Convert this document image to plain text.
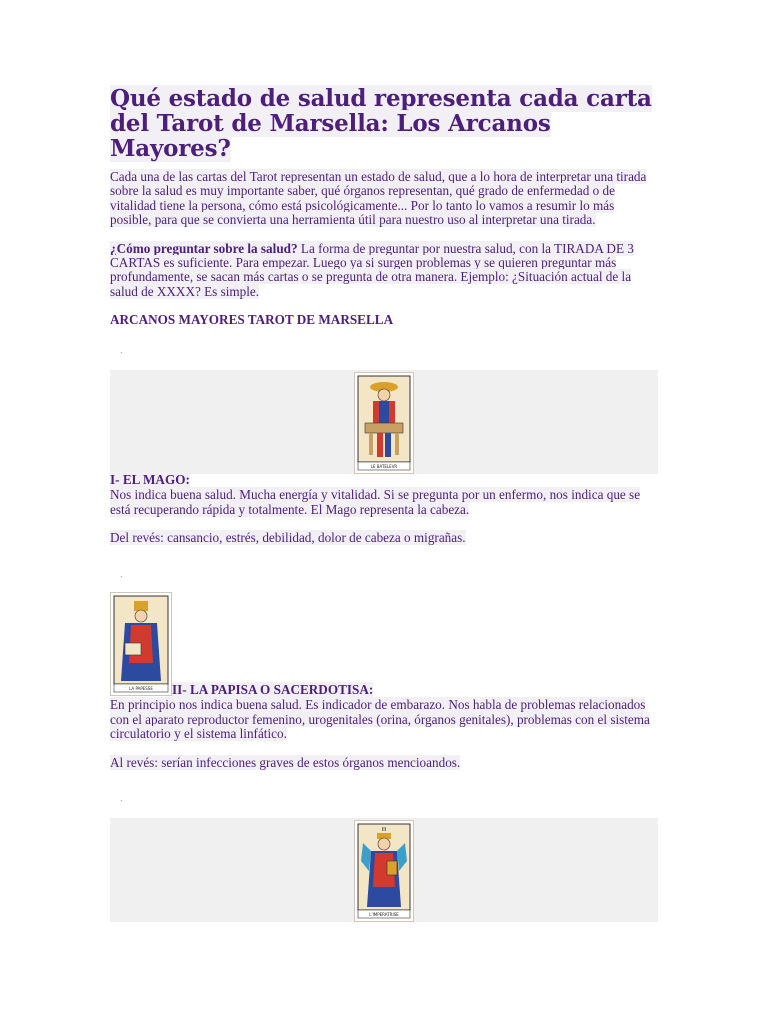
Qué estado de salud representa cada carta del Tarot de Marsella: Los Arcanos Mayores?

Cada una de las cartas del Tarot representan un estado de salud, que a lo hora de interpretar una tirada sobre la salud es muy importante saber, qué órganos representan, qué grado de enfermedad o de vitalidad tiene la persona, cómo está psicológicamente... Por lo tanto lo vamos a resumir lo más posible, para que se convierta una herramienta útil para nuestro uso al interpretar una tirada.

¿Cómo preguntar sobre la salud? La forma de preguntar por nuestra salud, con la TIRADA DE 3 CARTAS es suficiente. Para empezar. Luego ya si surgen problemas y se quieren preguntar más profundamente, se sacan más cartas o se pregunta de otra manera. Ejemplo: ¿Situación actual de la salud de XXXX? Es simple.

ARCANOS MAYORES TAROT DE MARSELLA

.
LE BATELEVR

I- EL MAGO:

Nos indica buena salud. Mucha energía y vitalidad. Si se pregunta por un enfermo, nos indica que se está recuperando rápida y totalmente. El Mago representa la cabeza.

Del revés: cansancio, estrés, debilidad, dolor de cabeza o migrañas.

.
LA PAPESSE	II- LA PAPISA O SACERDOTISA:

En principio nos indica buena salud. Es indicador de embarazo. Nos habla de problemas relacionados con el aparato reproductor femenino, urogenitales (orina, órganos genitales), problemas con el sistema circulatorio y el sistema linfático.

Al revés: serían infecciones graves de estos órganos mencioandos.

.
III
L'IMPERATRISE
